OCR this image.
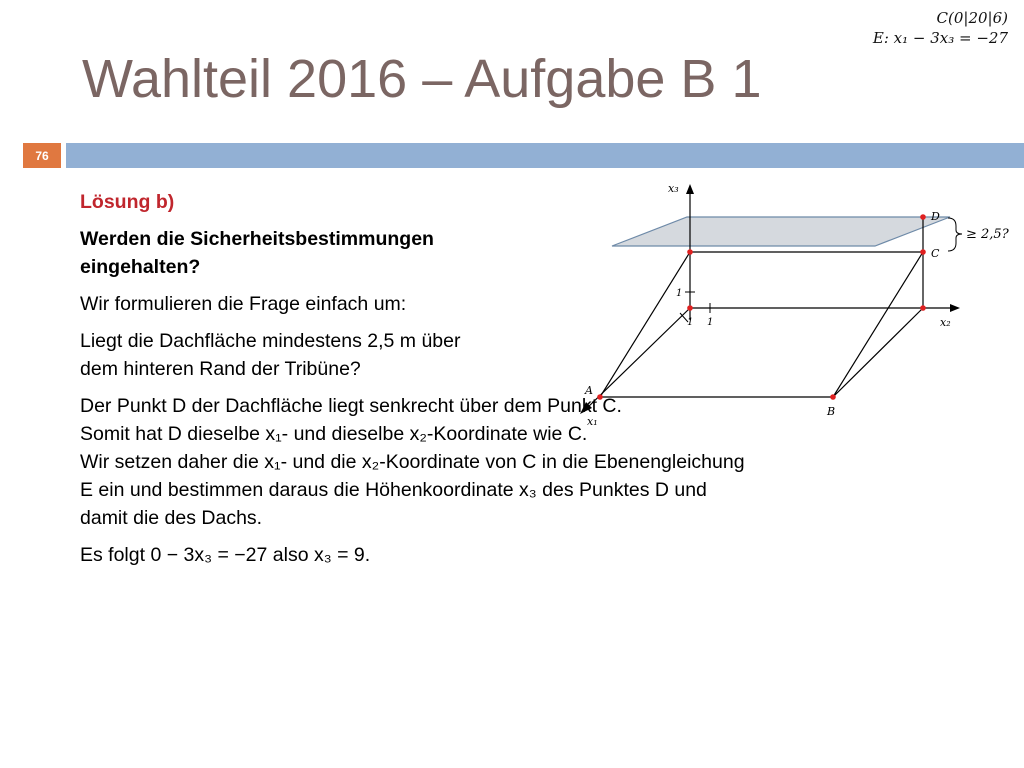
C(0|20|6)
E: x₁ − 3x₃ = −27
Wahlteil 2016 – Aufgabe B 1
76
x₃
x₂
x₁
1
1
1
A
B
C
D
≥ 2,5?

Lösung b)

Werden die Sicherheitsbestimmungen

eingehalten?

Wir formulieren die Frage einfach um:

Liegt die Dachfläche mindestens 2,5 m über

dem hinteren Rand der Tribüne?

Der Punkt D der Dachfläche liegt senkrecht über dem Punkt C.

Somit hat D dieselbe x₁- und dieselbe x₂-Koordinate wie C.

Wir setzen daher die x₁- und die x₂-Koordinate von C in die Ebenengleichung

E ein und bestimmen daraus die Höhenkoordinate x₃ des Punktes D und

damit die des Dachs.

Es folgt 0 − 3x₃ = −27 also x₃ = 9.
